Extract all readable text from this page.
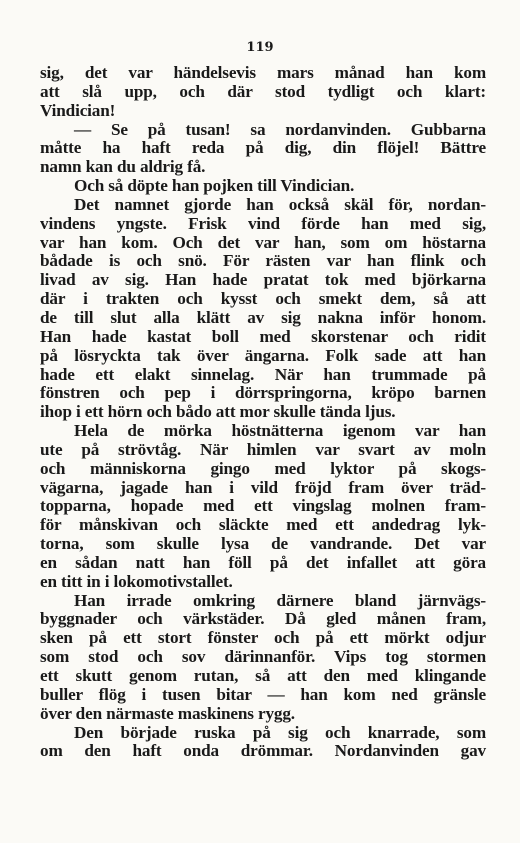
119
sig, det var händelsevis mars månad han kom
att slå upp, och där stod tydligt och klart:
Vindician!
— Se på tusan! sa nordanvinden. Gubbarna
måtte ha haft reda på dig, din flöjel! Bättre
namn kan du aldrig få.
Och så döpte han pojken till Vindician.
Det namnet gjorde han också skäl för, nordan-
vindens yngste. Frisk vind förde han med sig,
var han kom. Och det var han, som om höstarna
bådade is och snö. För rästen var han flink och
livad av sig. Han hade pratat tok med björkarna
där i trakten och kysst och smekt dem, så att
de till slut alla klätt av sig nakna inför honom.
Han hade kastat boll med skorstenar och ridit
på lösryckta tak över ängarna. Folk sade att han
hade ett elakt sinnelag. När han trummade på
fönstren och pep i dörrspringorna, kröpo barnen
ihop i ett hörn och bådo att mor skulle tända ljus.
Hela de mörka höstnätterna igenom var han
ute på strövtåg. När himlen var svart av moln
och människorna gingo med lyktor på skogs-
vägarna, jagade han i vild fröjd fram över träd-
topparna, hopade med ett vingslag molnen fram-
för månskivan och släckte med ett andedrag lyk-
torna, som skulle lysa de vandrande. Det var
en sådan natt han föll på det infallet att göra
en titt in i lokomotivstallet.
Han irrade omkring därnere bland järnvägs-
byggnader och värkstäder. Då gled månen fram,
sken på ett stort fönster och på ett mörkt odjur
som stod och sov därinnanför. Vips tog stormen
ett skutt genom rutan, så att den med klingande
buller flög i tusen bitar — han kom ned gränsle
över den närmaste maskinens rygg.
Den började ruska på sig och knarrade, som
om den haft onda drömmar. Nordanvinden gav
